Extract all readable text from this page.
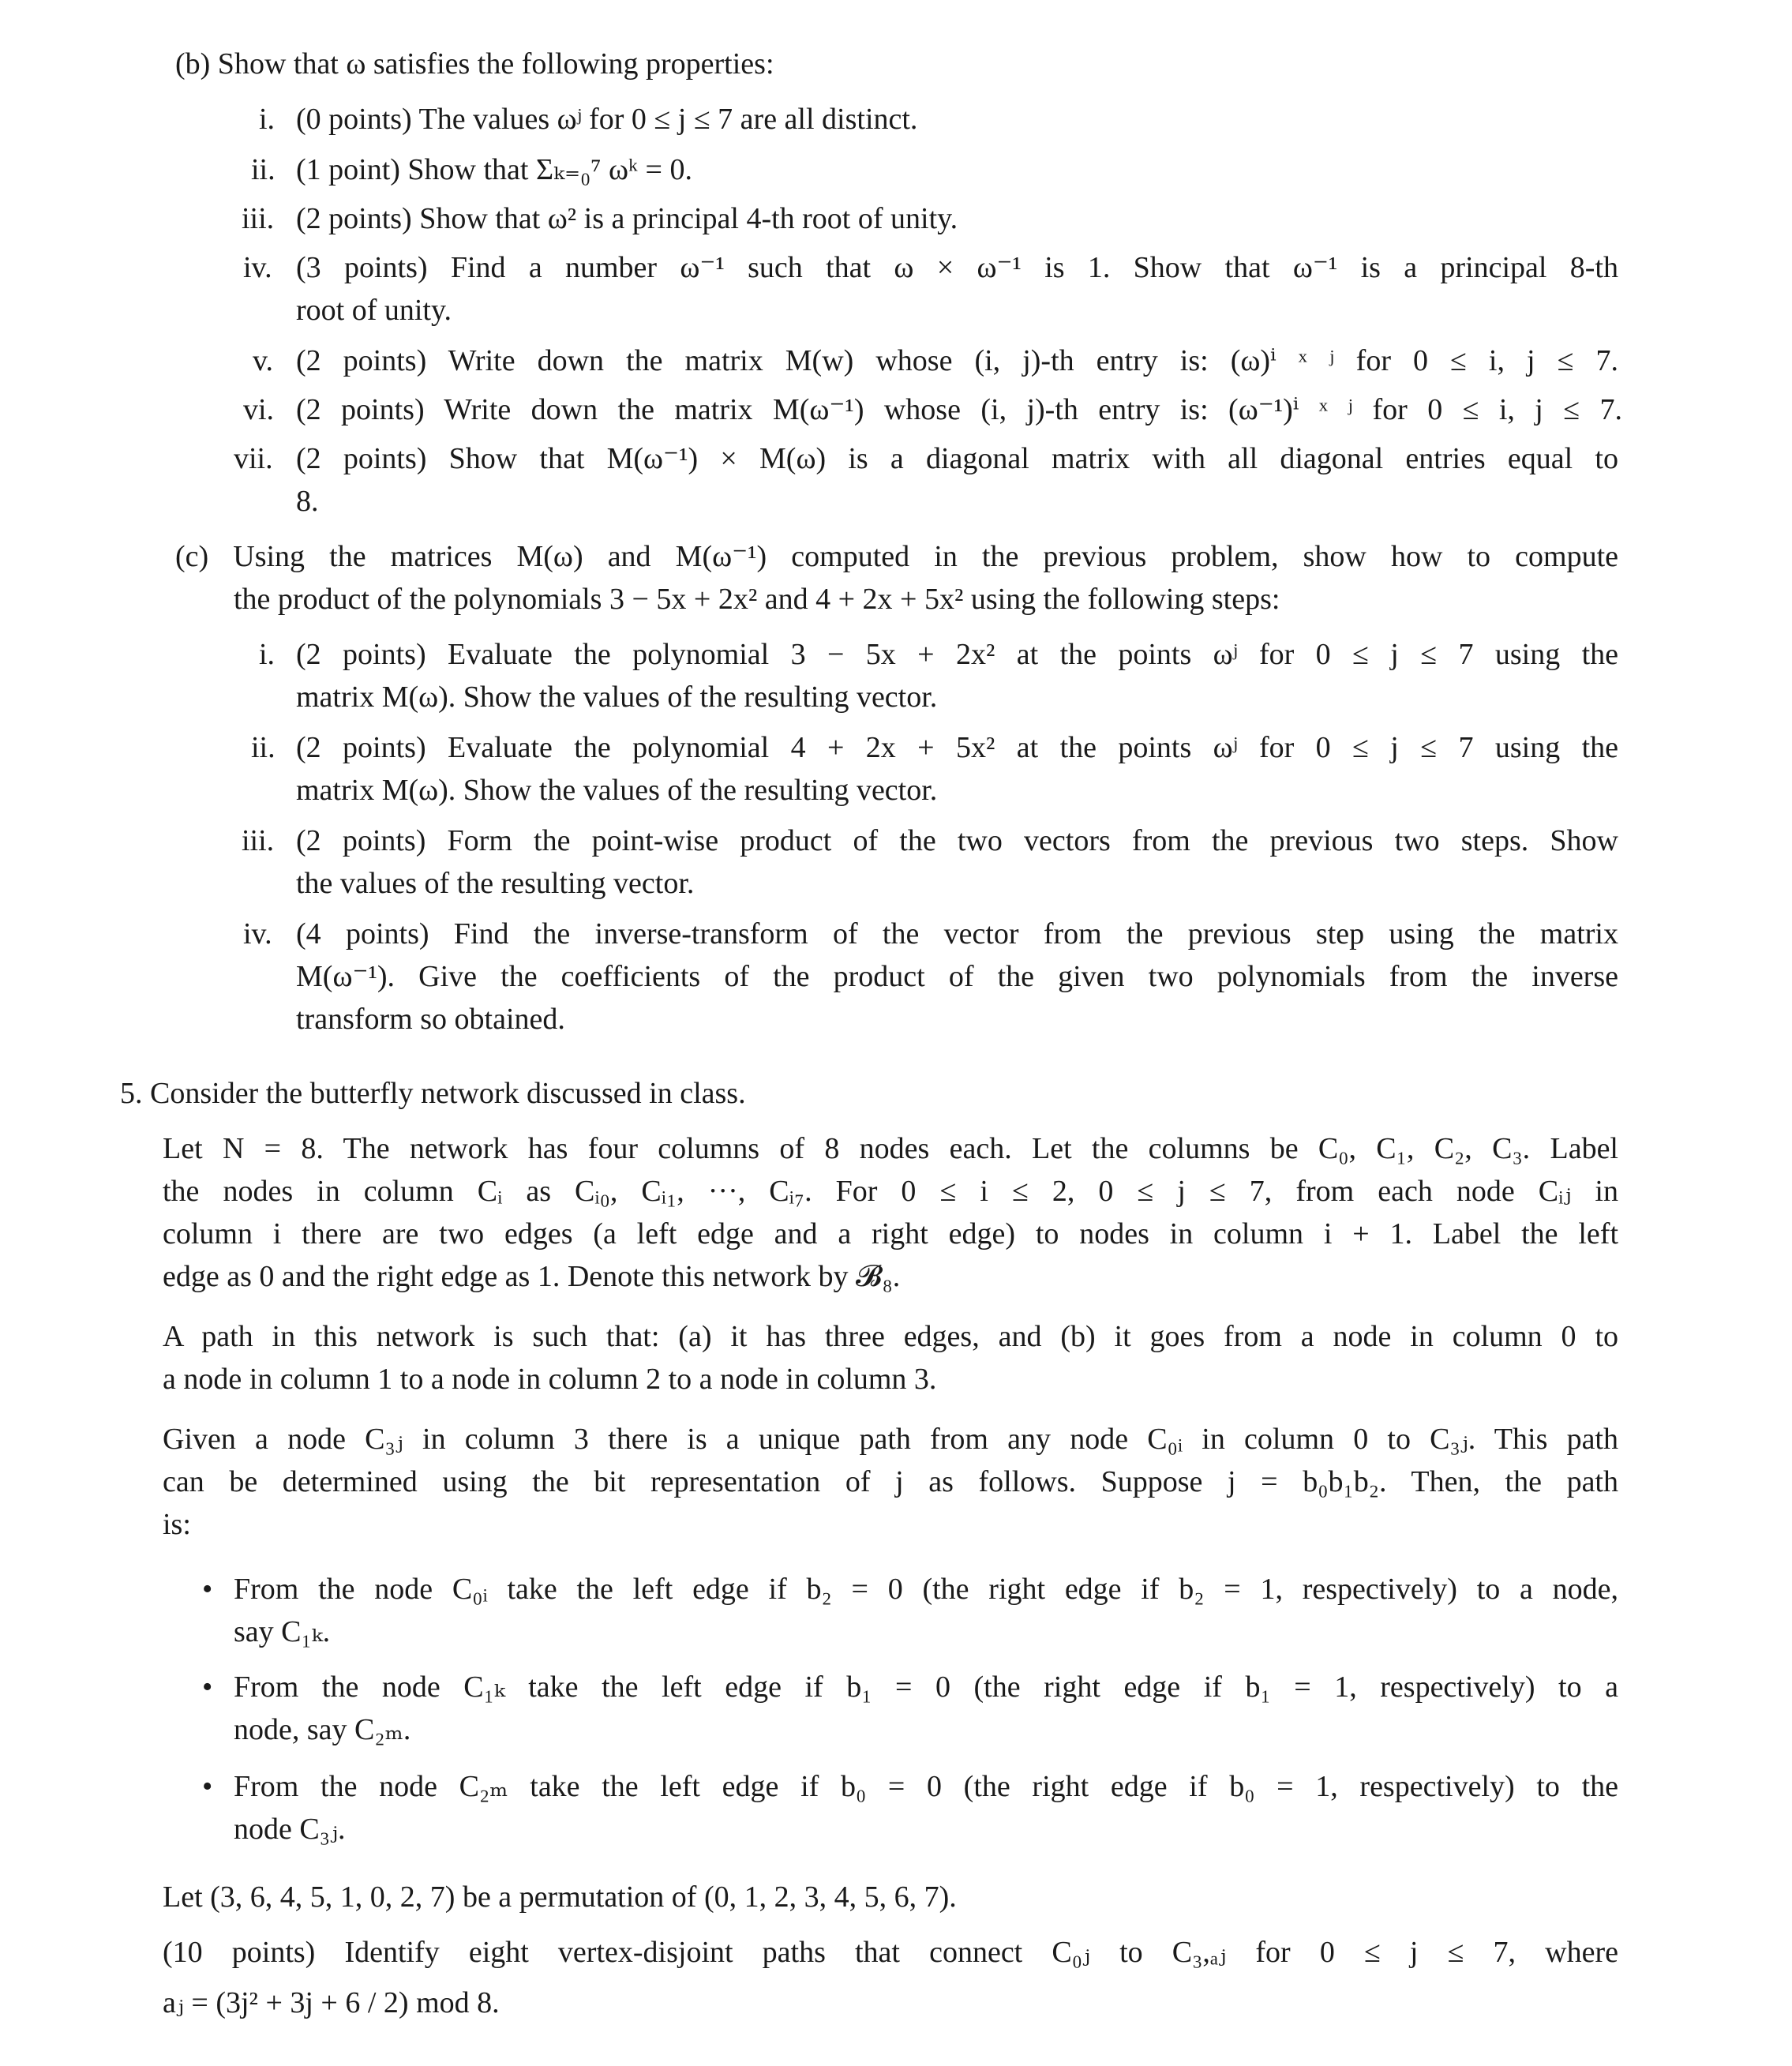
(b) Show that ω satisfies the following properties:
i. (0 points) The values ωʲ for 0 ≤ j ≤ 7 are all distinct.
ii. (1 point) Show that Σₖ₌₀⁷ ωᵏ = 0.
iii. (2 points) Show that ω² is a principal 4-th root of unity.
iv. (3 points) Find a number ω⁻¹ such that ω × ω⁻¹ is 1. Show that ω⁻¹ is a principal 8-th
root of unity.
v. (2 points) Write down the matrix M(w) whose (i, j)-th entry is: (ω)ⁱ ˣ ʲ for 0 ≤ i, j ≤ 7.
vi. (2 points) Write down the matrix M(ω⁻¹) whose (i, j)-th entry is: (ω⁻¹)ⁱ ˣ ʲ for 0 ≤ i, j ≤ 7.
vii. (2 points) Show that M(ω⁻¹) × M(ω) is a diagonal matrix with all diagonal entries equal to
8.
(c) Using the matrices M(ω) and M(ω⁻¹) computed in the previous problem, show how to compute
the product of the polynomials 3 − 5x + 2x² and 4 + 2x + 5x² using the following steps:
i. (2 points) Evaluate the polynomial 3 − 5x + 2x² at the points ωʲ for 0 ≤ j ≤ 7 using the
matrix M(ω). Show the values of the resulting vector.
ii. (2 points) Evaluate the polynomial 4 + 2x + 5x² at the points ωʲ for 0 ≤ j ≤ 7 using the
matrix M(ω). Show the values of the resulting vector.
iii. (2 points) Form the point-wise product of the two vectors from the previous two steps. Show
the values of the resulting vector.
iv. (4 points) Find the inverse-transform of the vector from the previous step using the matrix
M(ω⁻¹). Give the coefficients of the product of the given two polynomials from the inverse
transform so obtained.
5. Consider the butterfly network discussed in class.
Let N = 8. The network has four columns of 8 nodes each. Let the columns be C₀, C₁, C₂, C₃. Label
the nodes in column Cᵢ as Cᵢ₀, Cᵢ₁, ···, Cᵢ₇. For 0 ≤ i ≤ 2, 0 ≤ j ≤ 7, from each node Cᵢⱼ in
column i there are two edges (a left edge and a right edge) to nodes in column i + 1. Label the left
edge as 0 and the right edge as 1. Denote this network by 𝓑₈.
A path in this network is such that: (a) it has three edges, and (b) it goes from a node in column 0 to
a node in column 1 to a node in column 2 to a node in column 3.
Given a node C₃ⱼ in column 3 there is a unique path from any node C₀ᵢ in column 0 to C₃ⱼ. This path
can be determined using the bit representation of j as follows. Suppose j = b₀b₁b₂. Then, the path
is:
• From the node C₀ᵢ take the left edge if b₂ = 0 (the right edge if b₂ = 1, respectively) to a node,
say C₁ₖ.
• From the node C₁ₖ take the left edge if b₁ = 0 (the right edge if b₁ = 1, respectively) to a
node, say C₂ₘ.
• From the node C₂ₘ take the left edge if b₀ = 0 (the right edge if b₀ = 1, respectively) to the
node C₃ⱼ.
Let (3, 6, 4, 5, 1, 0, 2, 7) be a permutation of (0, 1, 2, 3, 4, 5, 6, 7).
(10 points) Identify eight vertex-disjoint paths that connect C₀ⱼ to C₃,ₐⱼ for 0 ≤ j ≤ 7, where
aⱼ = (3j² + 3j + 6 / 2) mod 8.
